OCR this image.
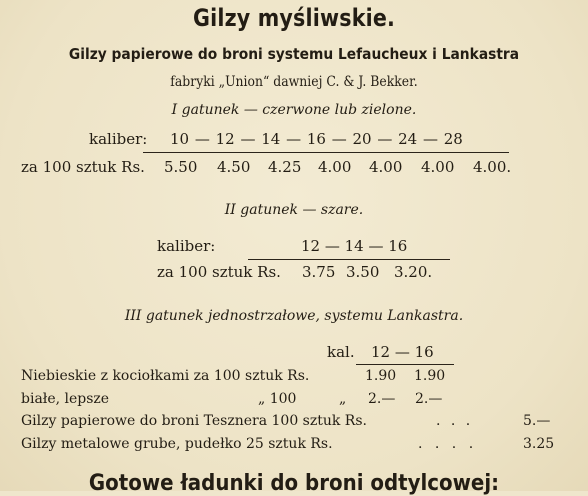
Gilzy myśliwskie.
Gilzy papierowe do broni systemu Lefaucheux i Lankastra
fabryki „Union“ dawniej C. & J. Bekker.
I gatunek — czerwone lub zielone.
kaliber: 10 — 12 — 14 — 16 — 20 — 24 — 28
za 100 sztuk Rs. 5.50 4.50 4.25 4.00 4.00 4.00 4.00.
II gatunek — szare.
kaliber:	12 — 14 — 16
za 100 sztuk Rs. 3.75 3.50 3.20.
III gatunek jednostrzałowe, systemu Lankastra.
kal. 12 — 16
Niebieskie z kociołkami za 100 sztuk Rs.	1.90 1.90
białe, lepsze	„ 100	„ 2.— 2.—
Gilzy papierowe do broni Tesznera 100 sztuk Rs.	. . .	5.—
Gilzy metalowe grube, pudełko 25 sztuk Rs.	. . . .	3.25
Gotowe ładunki do broni odtylcowej:
